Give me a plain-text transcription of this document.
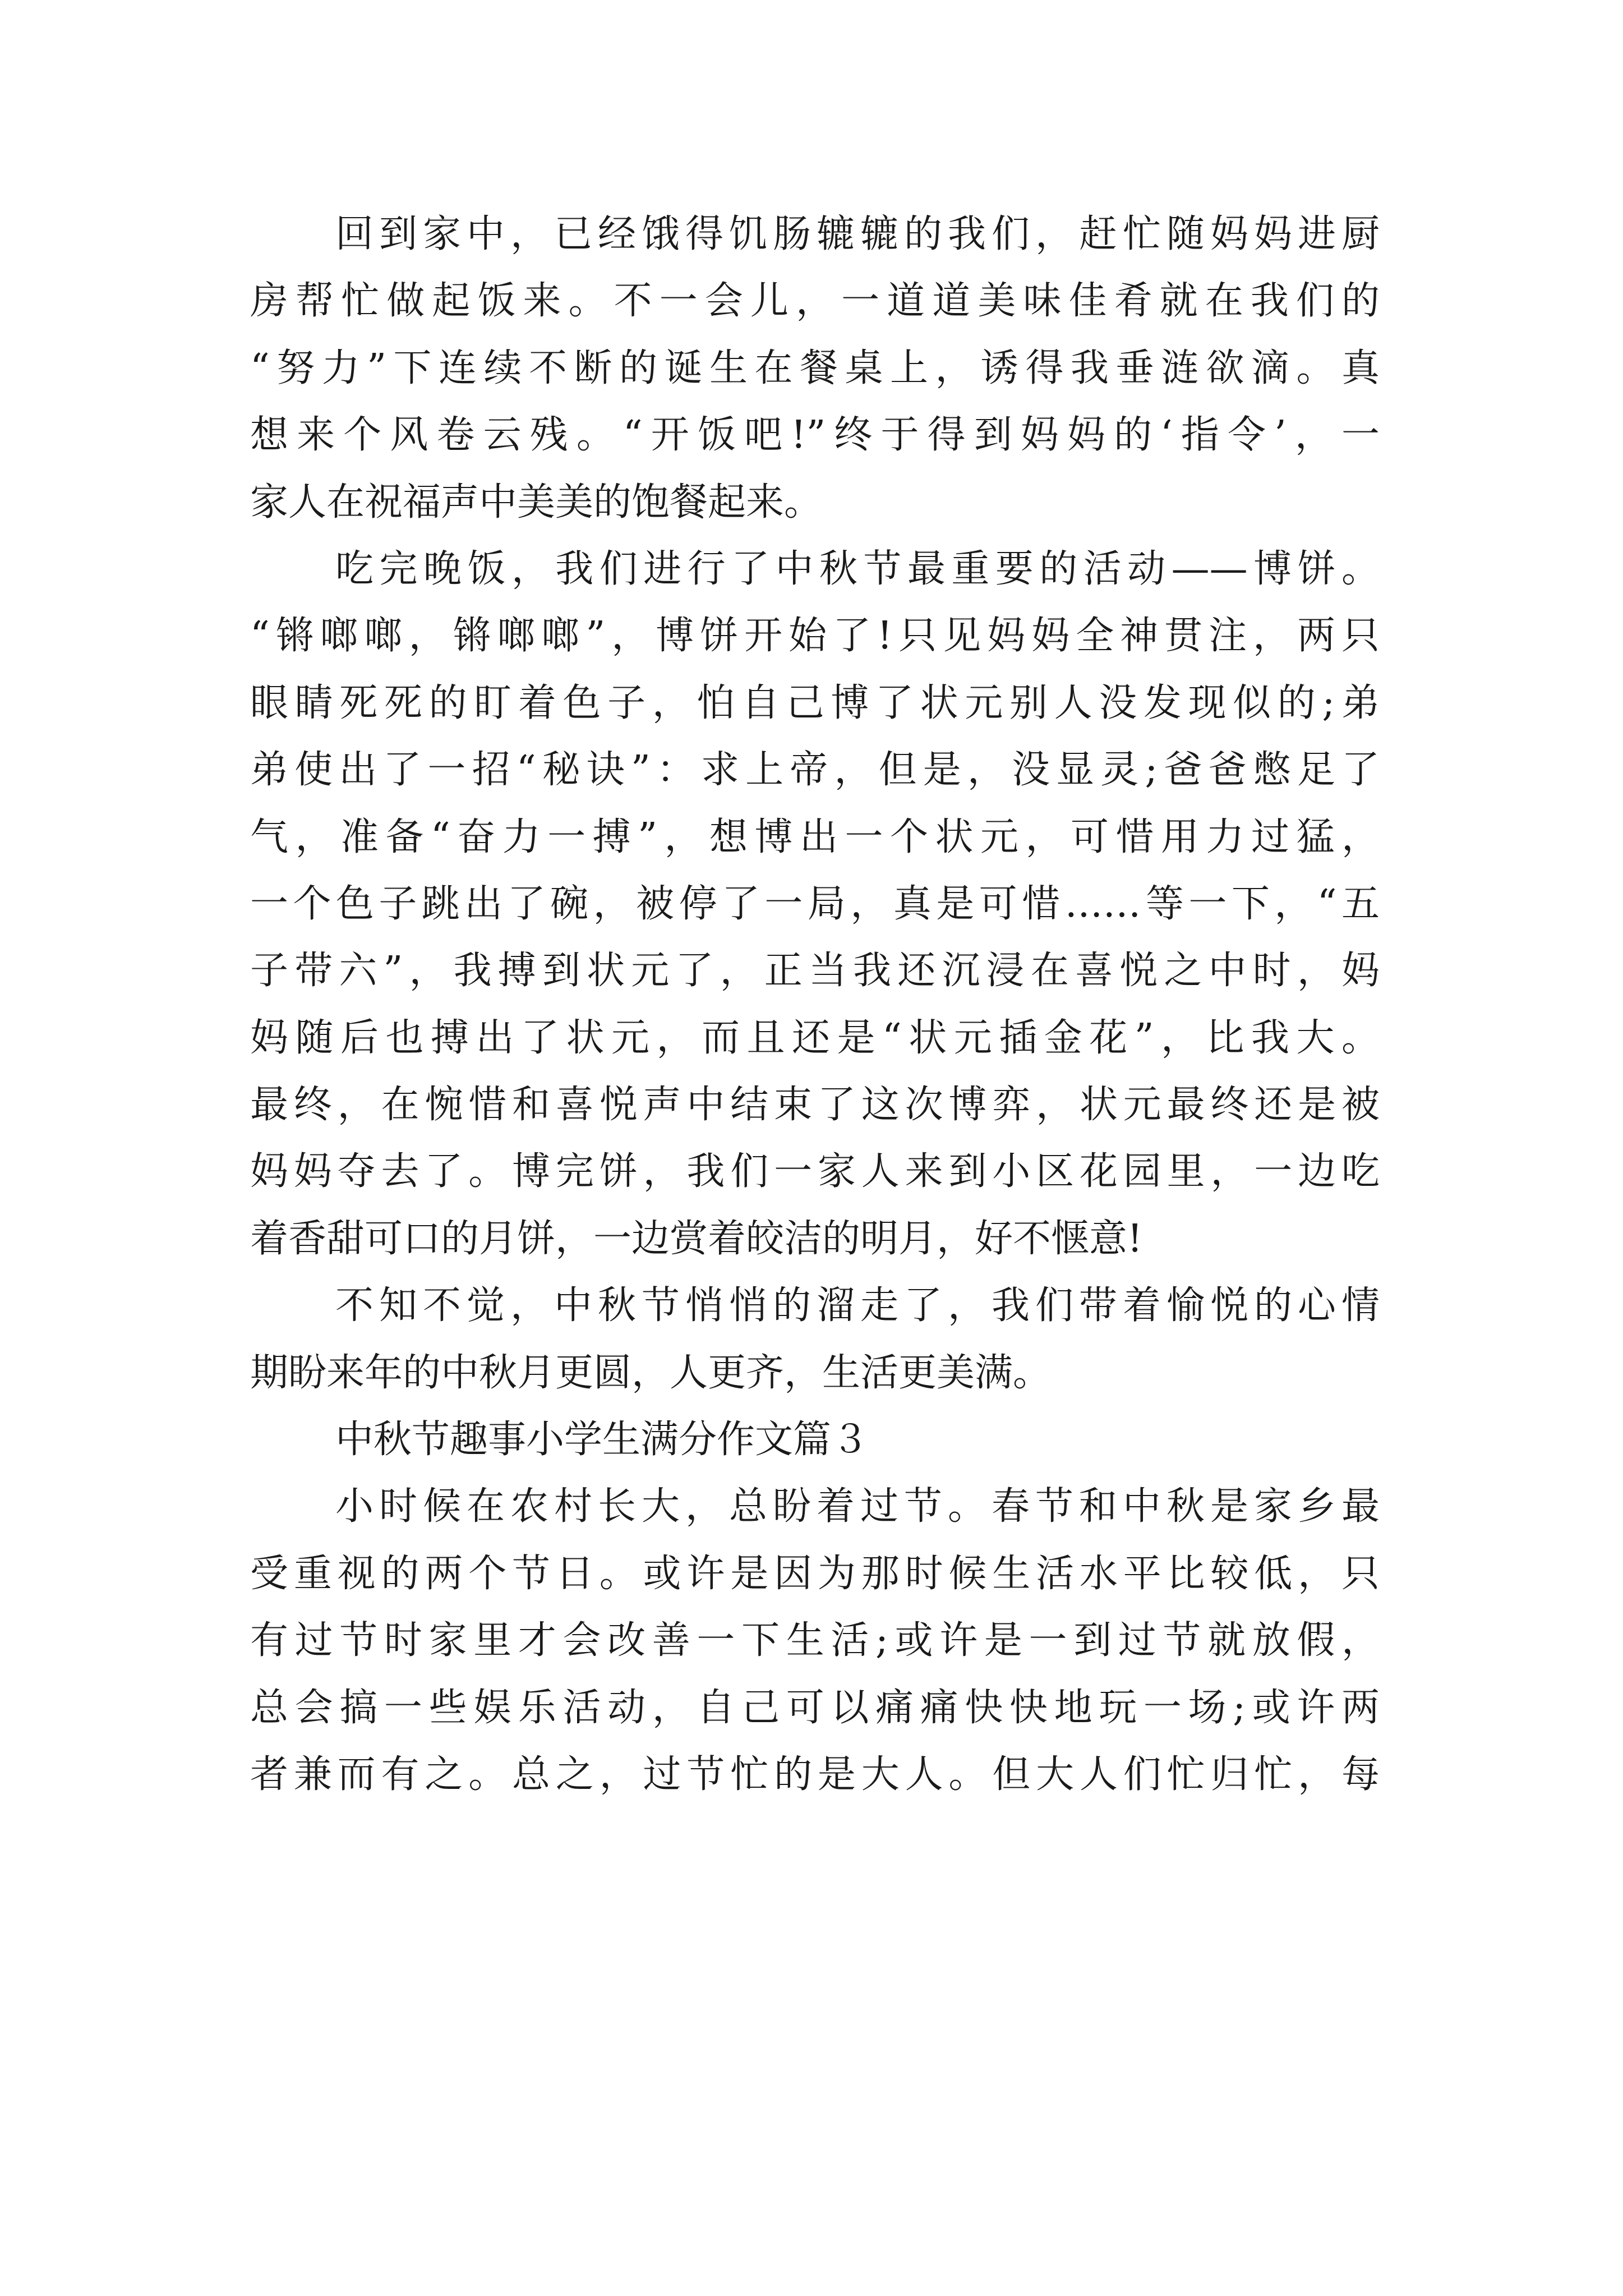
回到家中，已经饿得饥肠辘辘的我们，赶忙随妈妈进厨
房帮忙做起饭来。不一会儿，一道道美味佳肴就在我们的
“努力”下连续不断的诞生在餐桌上，诱得我垂涟欲滴。真
想来个风卷云残。“开饭吧!”终于得到妈妈的‘指令’，一
家人在祝福声中美美的饱餐起来。
吃完晚饭，我们进行了中秋节最重要的活动——博饼。
“锵啷啷，锵啷啷”，博饼开始了!只见妈妈全神贯注，两只
眼睛死死的盯着色子，怕自己博了状元别人没发现似的;弟
弟使出了一招“秘诀”：求上帝，但是，没显灵;爸爸憋足了
气，准备“奋力一搏”，想博出一个状元，可惜用力过猛，
一个色子跳出了碗，被停了一局，真是可惜……等一下，“五
子带六”，我搏到状元了，正当我还沉浸在喜悦之中时，妈
妈随后也搏出了状元，而且还是“状元插金花”，比我大。
最终，在惋惜和喜悦声中结束了这次博弈，状元最终还是被
妈妈夺去了。博完饼，我们一家人来到小区花园里，一边吃
着香甜可口的月饼，一边赏着皎洁的明月，好不惬意!
不知不觉，中秋节悄悄的溜走了，我们带着愉悦的心情
期盼来年的中秋月更圆，人更齐，生活更美满。
中秋节趣事小学生满分作文篇３
小时候在农村长大，总盼着过节。春节和中秋是家乡最
受重视的两个节日。或许是因为那时候生活水平比较低，只
有过节时家里才会改善一下生活;或许是一到过节就放假，
总会搞一些娱乐活动，自己可以痛痛快快地玩一场;或许两
者兼而有之。总之，过节忙的是大人。但大人们忙归忙，每
